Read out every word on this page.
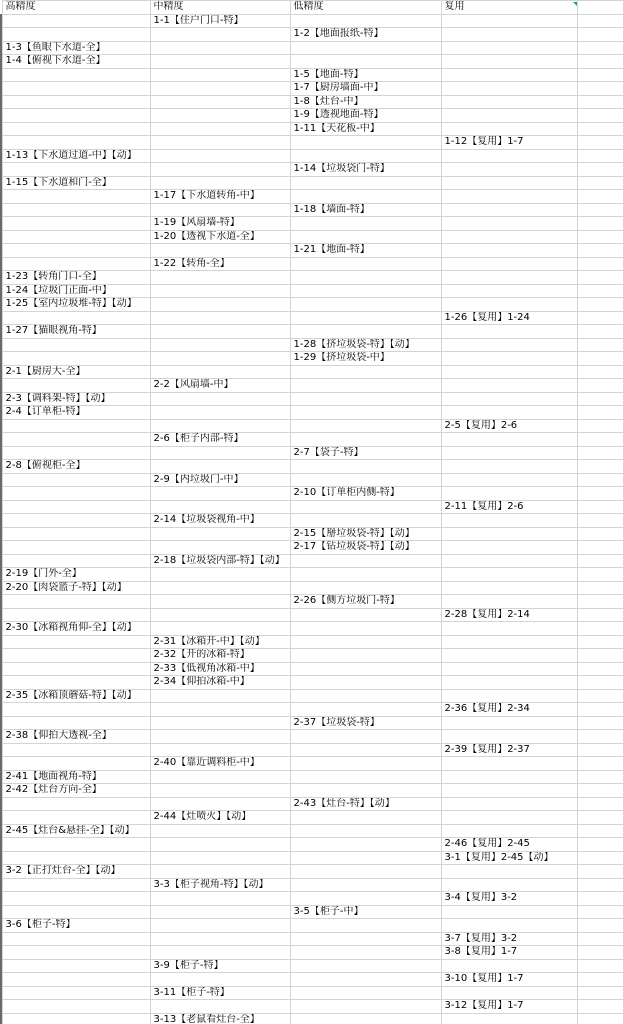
	高精度	中精度	低精度	复用	
		1-1【住户门口-特】			
			1-2【地面报纸-特】		
	1-3【鱼眼下水道-全】				
	1-4【俯视下水道-全】				
			1-5【地面-特】		
			1-7【厨房墙面-中】		
			1-8【灶台-中】		
			1-9【透视地面-特】		
			1-11【天花板-中】		
				1-12【复用】1-7	
	1-13【下水道过道-中】【动】				
			1-14【垃圾袋门-特】		
	1-15【下水道和门-全】				
		1-17【下水道转角-中】			
			1-18【墙面-特】		
		1-19【风扇墙-特】			
		1-20【透视下水道-全】			
			1-21【地面-特】		
		1-22【转角-全】			
	1-23【转角门口-全】				
	1-24【垃圾门正面-中】				
	1-25【室内垃圾堆-特】【动】				
				1-26【复用】1-24	
	1-27【猫眼视角-特】				
			1-28【挤垃圾袋-特】【动】		
			1-29【挤垃圾袋-中】		
	2-1【厨房大-全】				
		2-2【风扇墙-中】			
	2-3【调料架-特】【动】				
	2-4【订单柜-特】				
				2-5【复用】2-6	
		2-6【柜子内部-特】			
			2-7【袋子-特】		
	2-8【俯视柜-全】				
		2-9【内垃圾门-中】			
			2-10【订单柜内侧-特】		
				2-11【复用】2-6	
		2-14【垃圾袋视角-中】			
			2-15【掰垃圾袋-特】【动】		
			2-17【钻垃圾袋-特】【动】		
		2-18【垃圾袋内部-特】【动】			
	2-19【门外-全】				
	2-20【肉袋篮子-特】【动】				
			2-26【侧方垃圾门-特】		
				2-28【复用】2-14	
	2-30【冰箱视角仰-全】【动】				
		2-31【冰箱开-中】【动】			
		2-32【开的冰箱-特】			
		2-33【低视角冰箱-中】			
		2-34【仰拍冰箱-中】			
	2-35【冰箱顶蘑菇-特】【动】				
				2-36【复用】2-34	
			2-37【垃圾袋-特】		
	2-38【仰拍大透视-全】				
				2-39【复用】2-37	
		2-40【靠近调料柜-中】			
	2-41【地面视角-特】				
	2-42【灶台方向-全】				
			2-43【灶台-特】【动】		
		2-44【灶喷火】【动】			
	2-45【灶台&悬挂-全】【动】				
				2-46【复用】2-45	
				3-1【复用】2-45【动】	
	3-2【正打灶台-全】【动】				
		3-3【柜子视角-特】【动】			
				3-4【复用】3-2	
			3-5【柜子-中】		
	3-6【柜子-特】				
				3-7【复用】3-2	
				3-8【复用】1-7	
		3-9【柜子-特】			
				3-10【复用】1-7	
		3-11【柜子-特】			
				3-12【复用】1-7	
		3-13【老鼠看灶台-全】			
